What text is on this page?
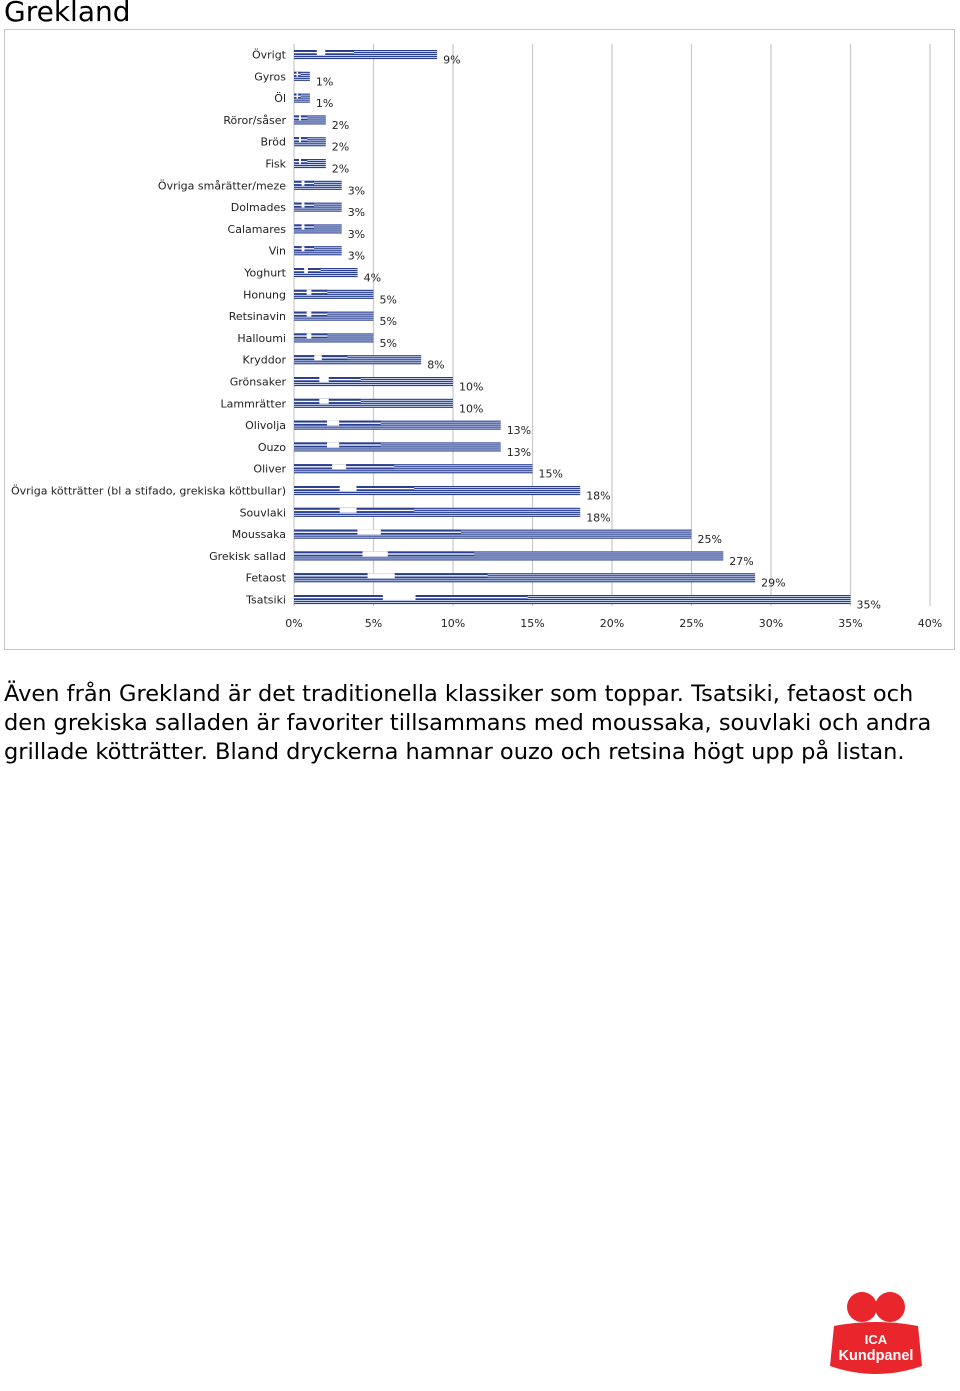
Grekland
Övrigt
Gyros
Öl
Röror/såser
Bröd
Fisk
Övriga smårätter/meze
Dolmades
Calamares
Vin
Yoghurt
Honung
Retsinavin
Halloumi
Kryddor
Grönsaker
Lammrätter
Olivolja
Ouzo
Oliver
Övriga kötträtter (bl a stifado, grekiska köttbullar)
Souvlaki
Moussaka
Grekisk sallad
Fetaost
Tsatsiki
9%
1%
1%
2%
2%
2%
3%
3%
3%
3%
4%
5%
5%
5%
8%
10%
10%
13%
13%
15%
18%
18%
25%
27%
29%
35%
0%	5%	10%	15%	20%	25%	30%	35%	40%

Även från Grekland är det traditionella klassiker som toppar. Tsatsiki, fetaost och den grekiska salladen är favoriter tillsammans med moussaka, souvlaki och andra grillade kötträtter. Bland dryckerna hamnar ouzo och retsina högt upp på listan.

ICA
Kundpanel
